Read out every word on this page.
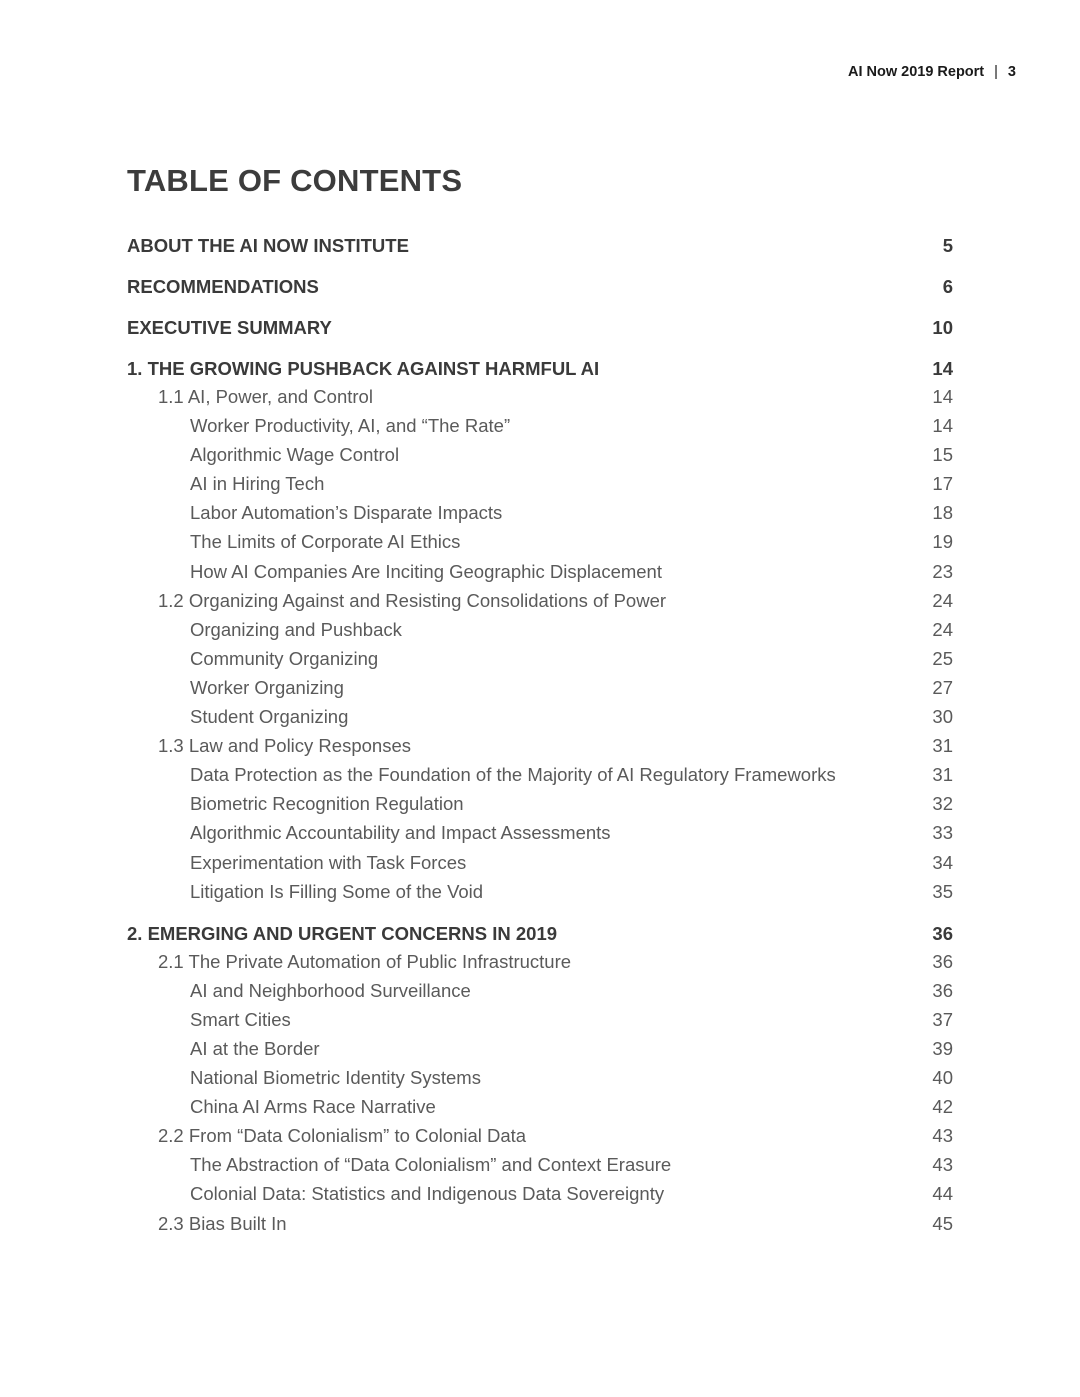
AI Now 2019 Report | 3
TABLE OF CONTENTS
ABOUT THE AI NOW INSTITUTE	5
RECOMMENDATIONS	6
EXECUTIVE SUMMARY	10
1. THE GROWING PUSHBACK AGAINST HARMFUL AI	14
1.1 AI, Power, and Control	14
Worker Productivity, AI, and “The Rate”	14
Algorithmic Wage Control	15
AI in Hiring Tech	17
Labor Automation’s Disparate Impacts	18
The Limits of Corporate AI Ethics	19
How AI Companies Are Inciting Geographic Displacement	23
1.2 Organizing Against and Resisting Consolidations of Power	24
Organizing and Pushback	24
Community Organizing	25
Worker Organizing	27
Student Organizing	30
1.3 Law and Policy Responses	31
Data Protection as the Foundation of the Majority of AI Regulatory Frameworks	31
Biometric Recognition Regulation	32
Algorithmic Accountability and Impact Assessments	33
Experimentation with Task Forces	34
Litigation Is Filling Some of the Void	35
2. EMERGING AND URGENT CONCERNS IN 2019	36
2.1 The Private Automation of Public Infrastructure	36
AI and Neighborhood Surveillance	36
Smart Cities	37
AI at the Border	39
National Biometric Identity Systems	40
China AI Arms Race Narrative	42
2.2 From “Data Colonialism” to Colonial Data	43
The Abstraction of “Data Colonialism” and Context Erasure	43
Colonial Data: Statistics and Indigenous Data Sovereignty	44
2.3 Bias Built In	45
